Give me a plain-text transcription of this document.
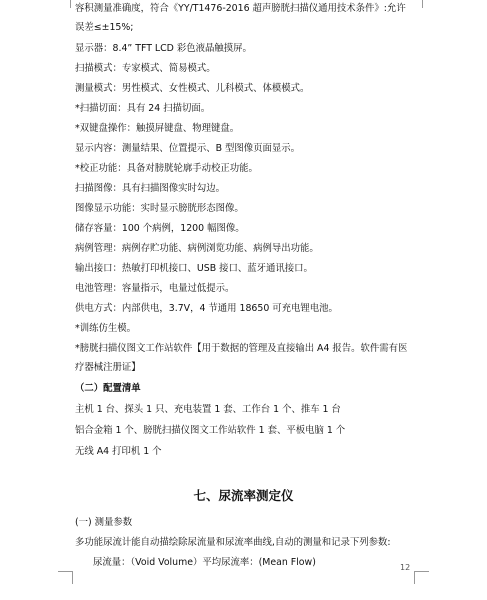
容积测量准确度，符合《YY/T1476-2016 超声膀胱扫描仪通用技术条件》:允许
误差≤±15%;
显示器：8.4” TFT LCD 彩色液晶触摸屏。
扫描模式：专家模式、简易模式。
测量模式：男性模式、女性模式、儿科模式、体模模式。
*扫描切面：具有 24 扫描切面。
*双键盘操作：触摸屏键盘、物理键盘。
显示内容：测量结果、位置提示、B 型图像页面显示。
*校正功能：具备对膀胱轮廓手动校正功能。
扫描图像：具有扫描图像实时勾边。
图像显示功能：实时显示膀胱形态图像。
储存容量：100 个病例，1200 幅图像。
病例管理：病例存贮功能、病例浏览功能、病例导出功能。
输出接口：热敏打印机接口、USB 接口、蓝牙通讯接口。
电池管理：容量指示，电量过低提示。
供电方式：内部供电，3.7V，4 节通用 18650 可充电锂电池。
*训练仿生模。
*膀胱扫描仪图文工作站软件【用于数据的管理及直接输出 A4 报告。软件需有医
疗器械注册证】
（二）配置清单
主机 1 台、探头 1 只、充电装置 1 套、工作台 1 个、推车 1 台
铝合金箱 1 个、膀胱扫描仪图文工作站软件 1 套、平板电脑 1 个
无线 A4 打印机 1 个
七、尿流率测定仪
(一) 测量参数
多功能尿流计能自动描绘除尿流量和尿流率曲线,自动的测量和记录下列参数:
尿流量：（Void Volume）平均尿流率：(Mean Flow)	12
